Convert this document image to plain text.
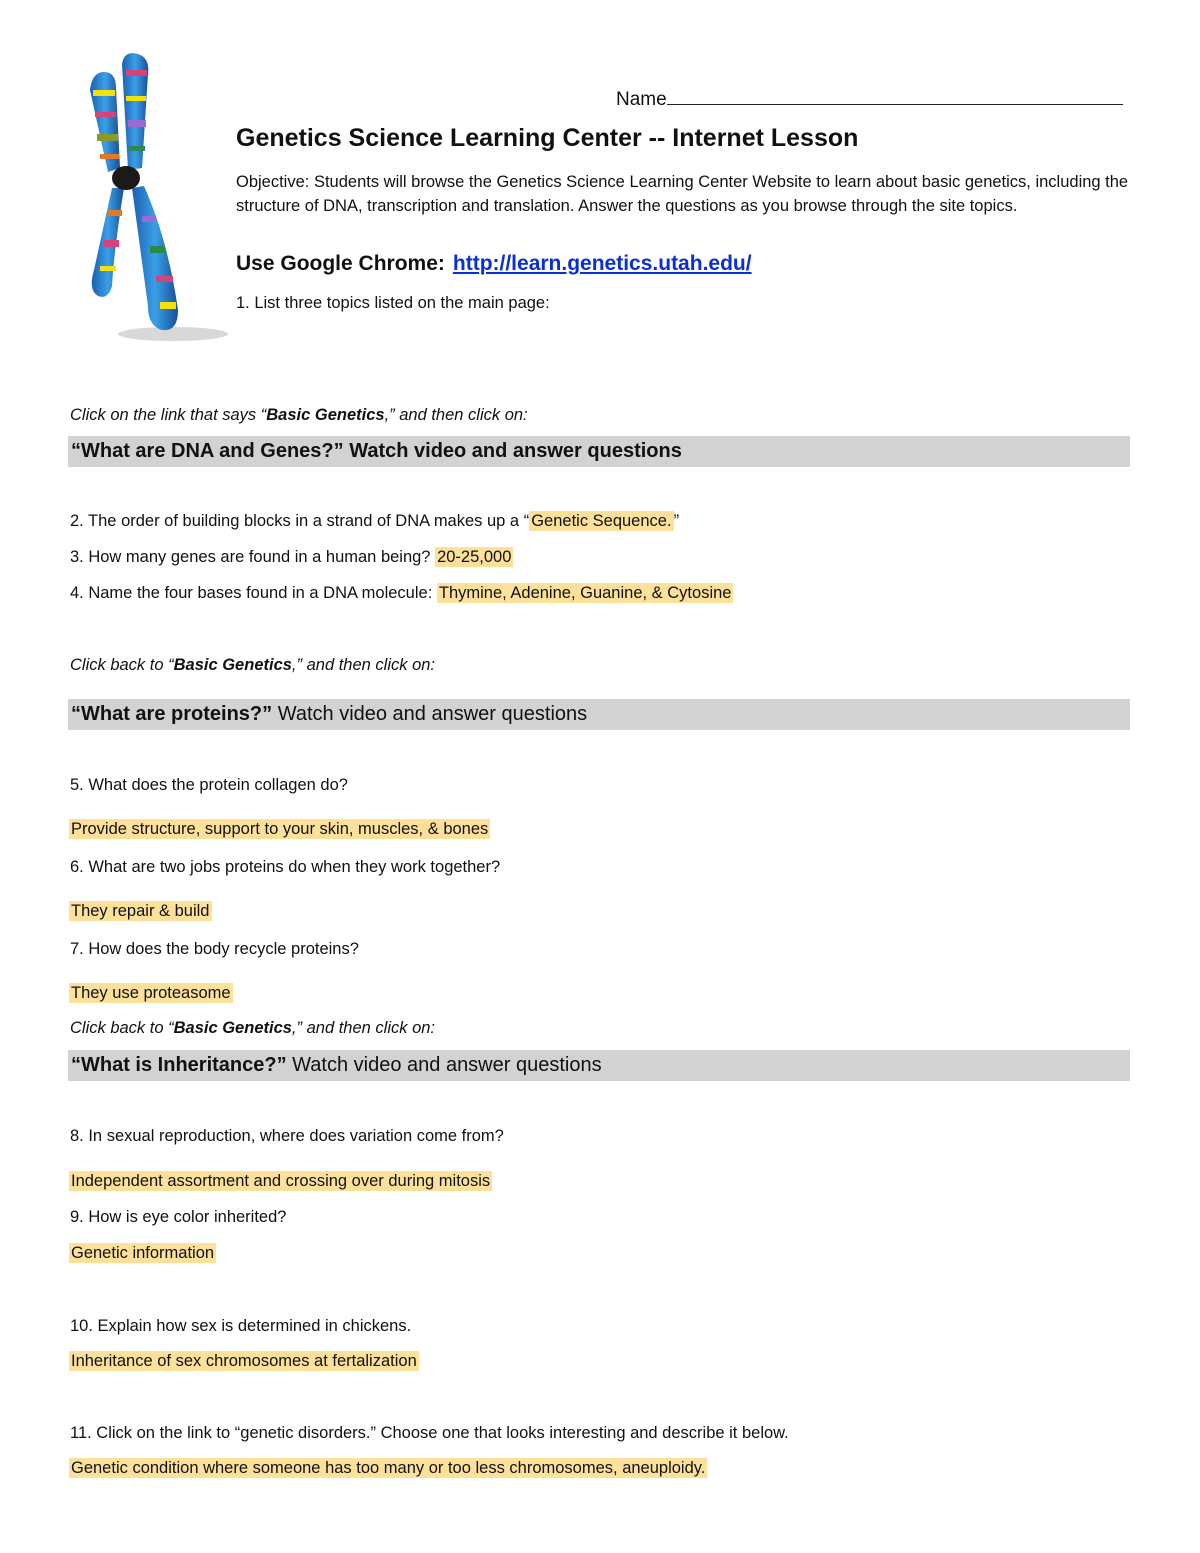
Name
Genetics Science Learning Center -- Internet Lesson
Objective: Students will browse the Genetics Science Learning Center Website to learn about basic genetics, including the structure of DNA, transcription and translation. Answer the questions as you browse through the site topics.
Use Google Chrome: http://learn.genetics.utah.edu/
1. List three topics listed on the main page:
Click on the link that says “Basic Genetics,” and then click on:
“What are DNA and Genes?” Watch video and answer questions
2. The order of building blocks in a strand of DNA makes up a “ Genetic Sequence. ”
3. How many genes are found in a human being? 20-25,000
4. Name the four bases found in a DNA molecule: Thymine, Adenine, Guanine, & Cytosine
Click back to “Basic Genetics,” and then click on:
“What are proteins?” Watch video and answer questions
5. What does the protein collagen do?
Provide structure, support to your skin, muscles, & bones
6. What are two jobs proteins do when they work together?
They repair & build
7. How does the body recycle proteins?
They use proteasome
Click back to “Basic Genetics,” and then click on:
“What is Inheritance?” Watch video and answer questions
8. In sexual reproduction, where does variation come from?
Independent assortment and crossing over during mitosis
9. How is eye color inherited?
Genetic information
10. Explain how sex is determined in chickens.
Inheritance of sex chromosomes at fertalization
11. Click on the link to “genetic disorders.” Choose one that looks interesting and describe it below.
Genetic condition where someone has too many or too less chromosomes, aneuploidy.
